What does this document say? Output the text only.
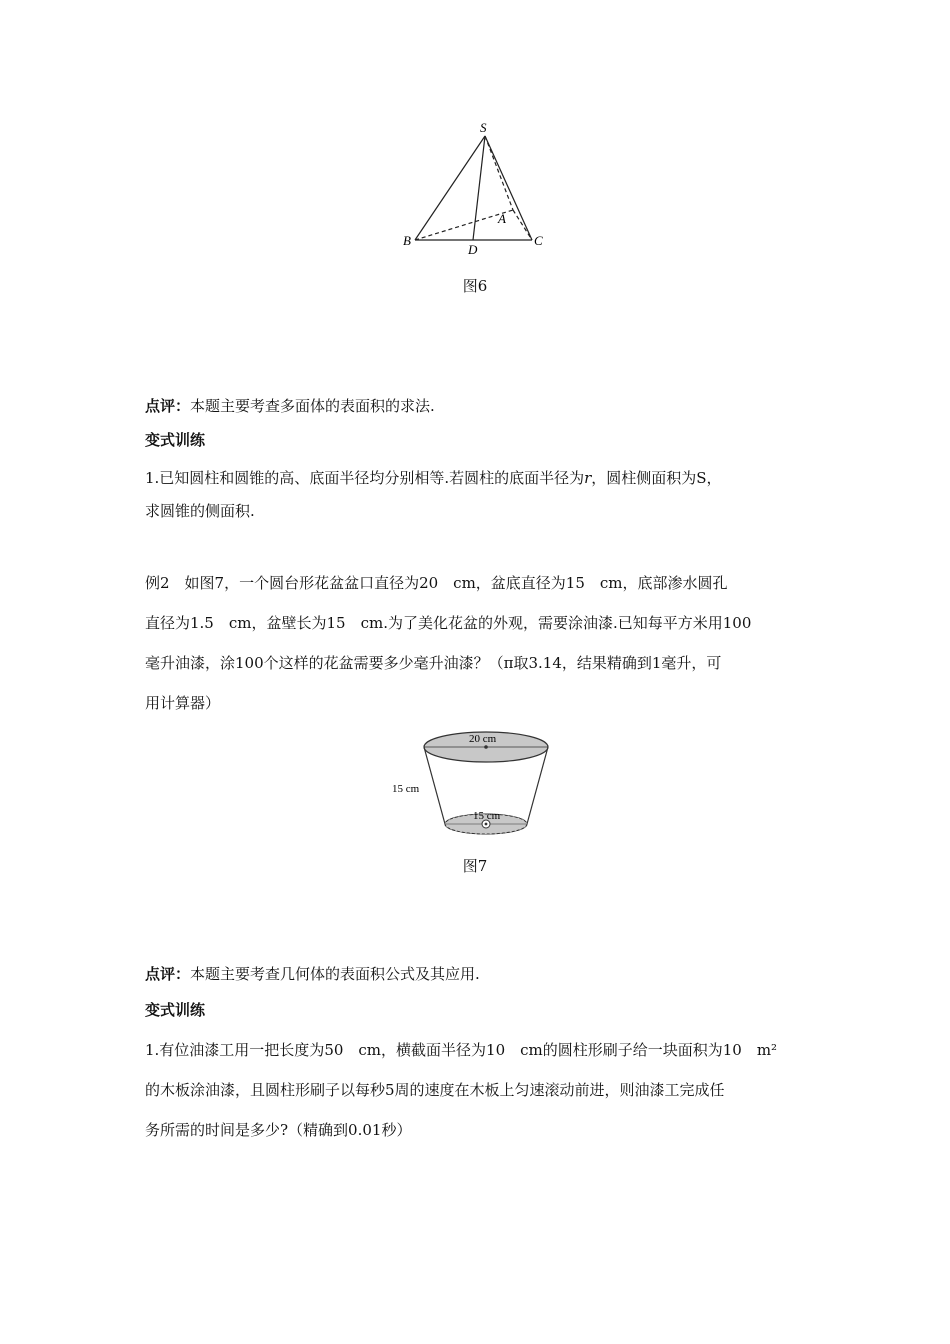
S
A
B	C
D
图6
点评：本题主要考查多面体的表面积的求法.
变式训练
1.已知圆柱和圆锥的高、底面半径均分别相等.若圆柱的底面半径为r，圆柱侧面积为S，
求圆锥的侧面积.
例2　如图7，一个圆台形花盆盆口直径为20　cm，盆底直径为15　cm，底部渗水圆孔
直径为1.5　cm，盆壁长为15　cm.为了美化花盆的外观，需要涂油漆.已知每平方米用100
毫升油漆，涂100个这样的花盆需要多少毫升油漆？（π取3.14，结果精确到1毫升，可
用计算器）
20 cm
15 cm
15 cm
图7
点评：本题主要考查几何体的表面积公式及其应用.
变式训练
1.有位油漆工用一把长度为50　cm，横截面半径为10　cm的圆柱形刷子给一块面积为10　m²
的木板涂油漆，且圆柱形刷子以每秒5周的速度在木板上匀速滚动前进，则油漆工完成任
务所需的时间是多少?（精确到0.01秒）
